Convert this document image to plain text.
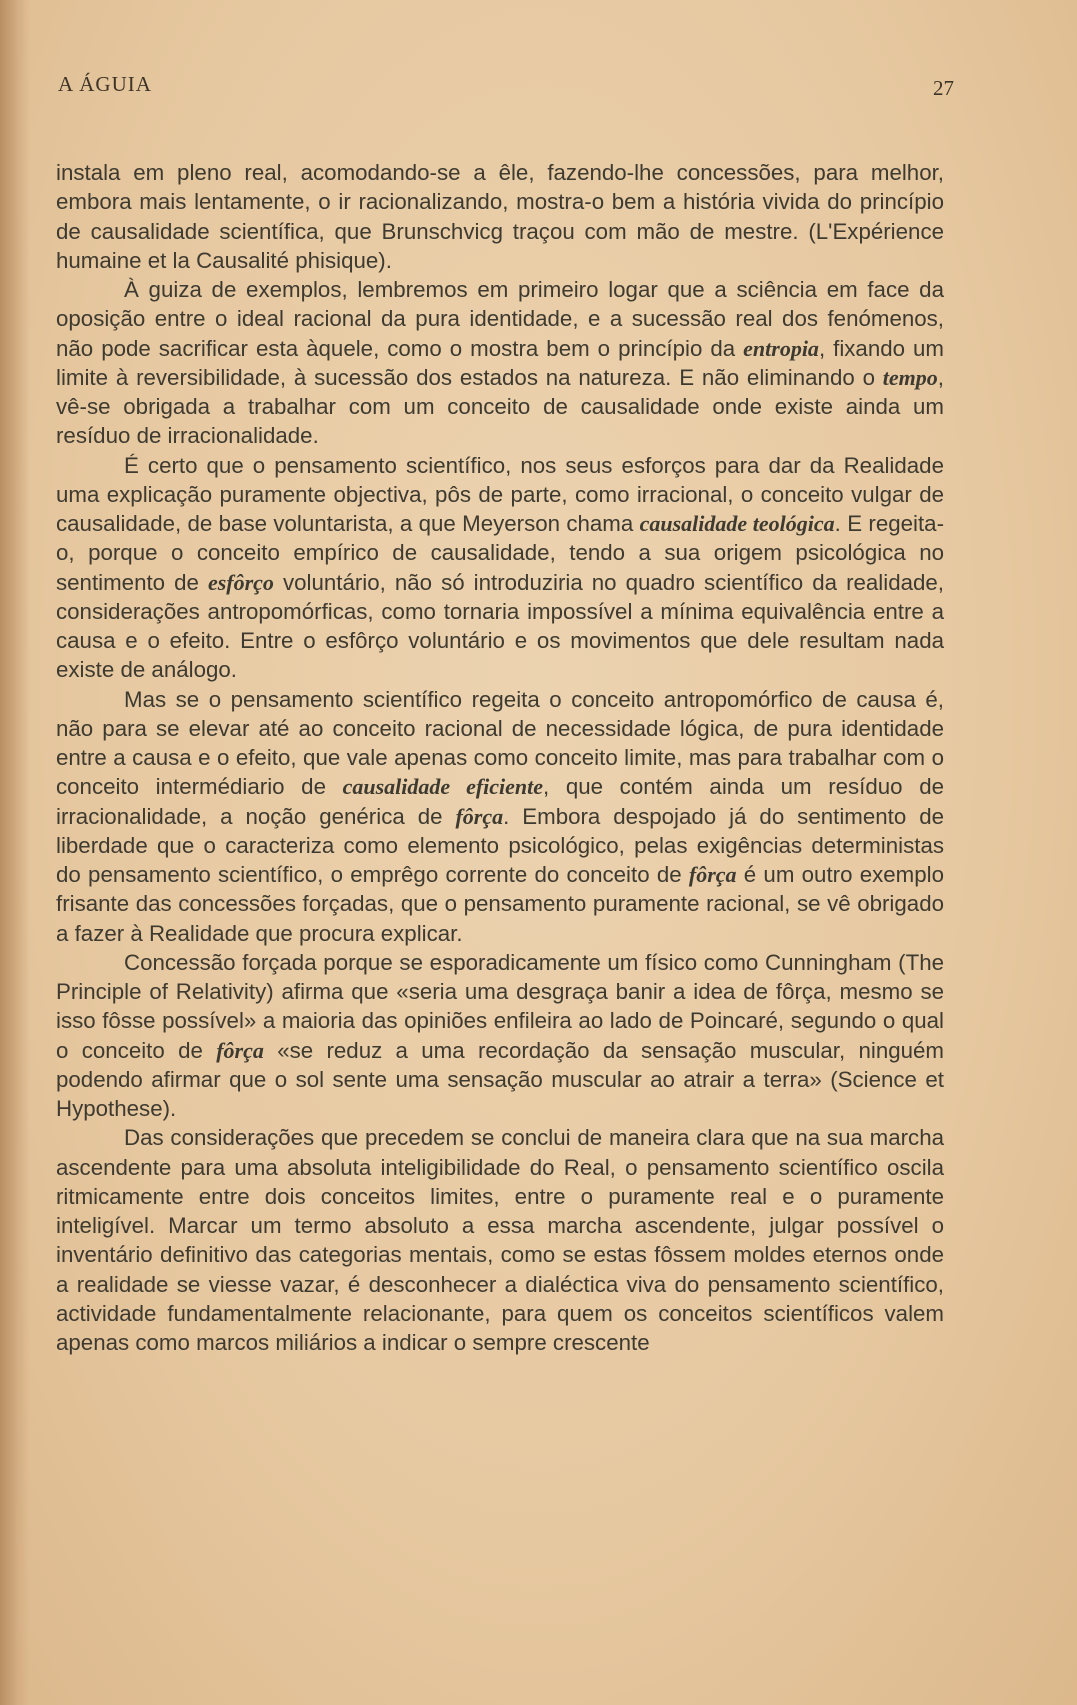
A ÁGUIA	27

instala em pleno real, acomodando-se a êle, fazendo-lhe concessões, para melhor, embora mais lentamente, o ir racionalizando, mostra-o bem a história vivida do princípio de causalidade scientífica, que Brunschvicg traçou com mão de mestre. (L'Expérience humaine et la Causalité phisique).

À guiza de exemplos, lembremos em primeiro logar que a sciência em face da oposição entre o ideal racional da pura identidade, e a sucessão real dos fenómenos, não pode sacrificar esta àquele, como o mostra bem o princípio da entropia, fixando um limite à reversibilidade, à sucessão dos estados na natureza. E não eliminando o tempo, vê-se obrigada a trabalhar com um conceito de causalidade onde existe ainda um resíduo de irracionalidade.

É certo que o pensamento scientífico, nos seus esforços para dar da Realidade uma explicação puramente objectiva, pôs de parte, como irracional, o conceito vulgar de causalidade, de base voluntarista, a que Meyerson chama causalidade teológica. E regeita-o, porque o conceito empírico de causalidade, tendo a sua origem psicológica no sentimento de esfôrço voluntário, não só introduziria no quadro scientífico da realidade, considerações antropomórficas, como tornaria impossível a mínima equivalência entre a causa e o efeito. Entre o esfôrço voluntário e os movimentos que dele resultam nada existe de análogo.

Mas se o pensamento scientífico regeita o conceito antropomórfico de causa é, não para se elevar até ao conceito racional de necessidade lógica, de pura identidade entre a causa e o efeito, que vale apenas como conceito limite, mas para trabalhar com o conceito intermédiario de causalidade eficiente, que contém ainda um resíduo de irracionalidade, a noção genérica de fôrça. Embora despojado já do sentimento de liberdade que o caracteriza como elemento psicológico, pelas exigências deterministas do pensamento scientífico, o emprêgo corrente do conceito de fôrça é um outro exemplo frisante das concessões forçadas, que o pensamento puramente racional, se vê obrigado a fazer à Realidade que procura explicar.

Concessão forçada porque se esporadicamente um físico como Cunningham (The Principle of Relativity) afirma que «seria uma desgraça banir a idea de fôrça, mesmo se isso fôsse possível» a maioria das opiniões enfileira ao lado de Poincaré, segundo o qual o conceito de fôrça «se reduz a uma recordação da sensação muscular, ninguém podendo afirmar que o sol sente uma sensação muscular ao atrair a terra» (Science et Hypothese).

Das considerações que precedem se conclui de maneira clara que na sua marcha ascendente para uma absoluta inteligibilidade do Real, o pensamento scientífico oscila ritmicamente entre dois conceitos limites, entre o puramente real e o puramente inteligível. Marcar um termo absoluto a essa marcha ascendente, julgar possível o inventário definitivo das categorias mentais, como se estas fôssem moldes eternos onde a realidade se viesse vazar, é desconhecer a dialéctica viva do pensamento scientífico, actividade fundamentalmente relacionante, para quem os conceitos scientíficos valem apenas como marcos miliários a indicar o sempre crescente
